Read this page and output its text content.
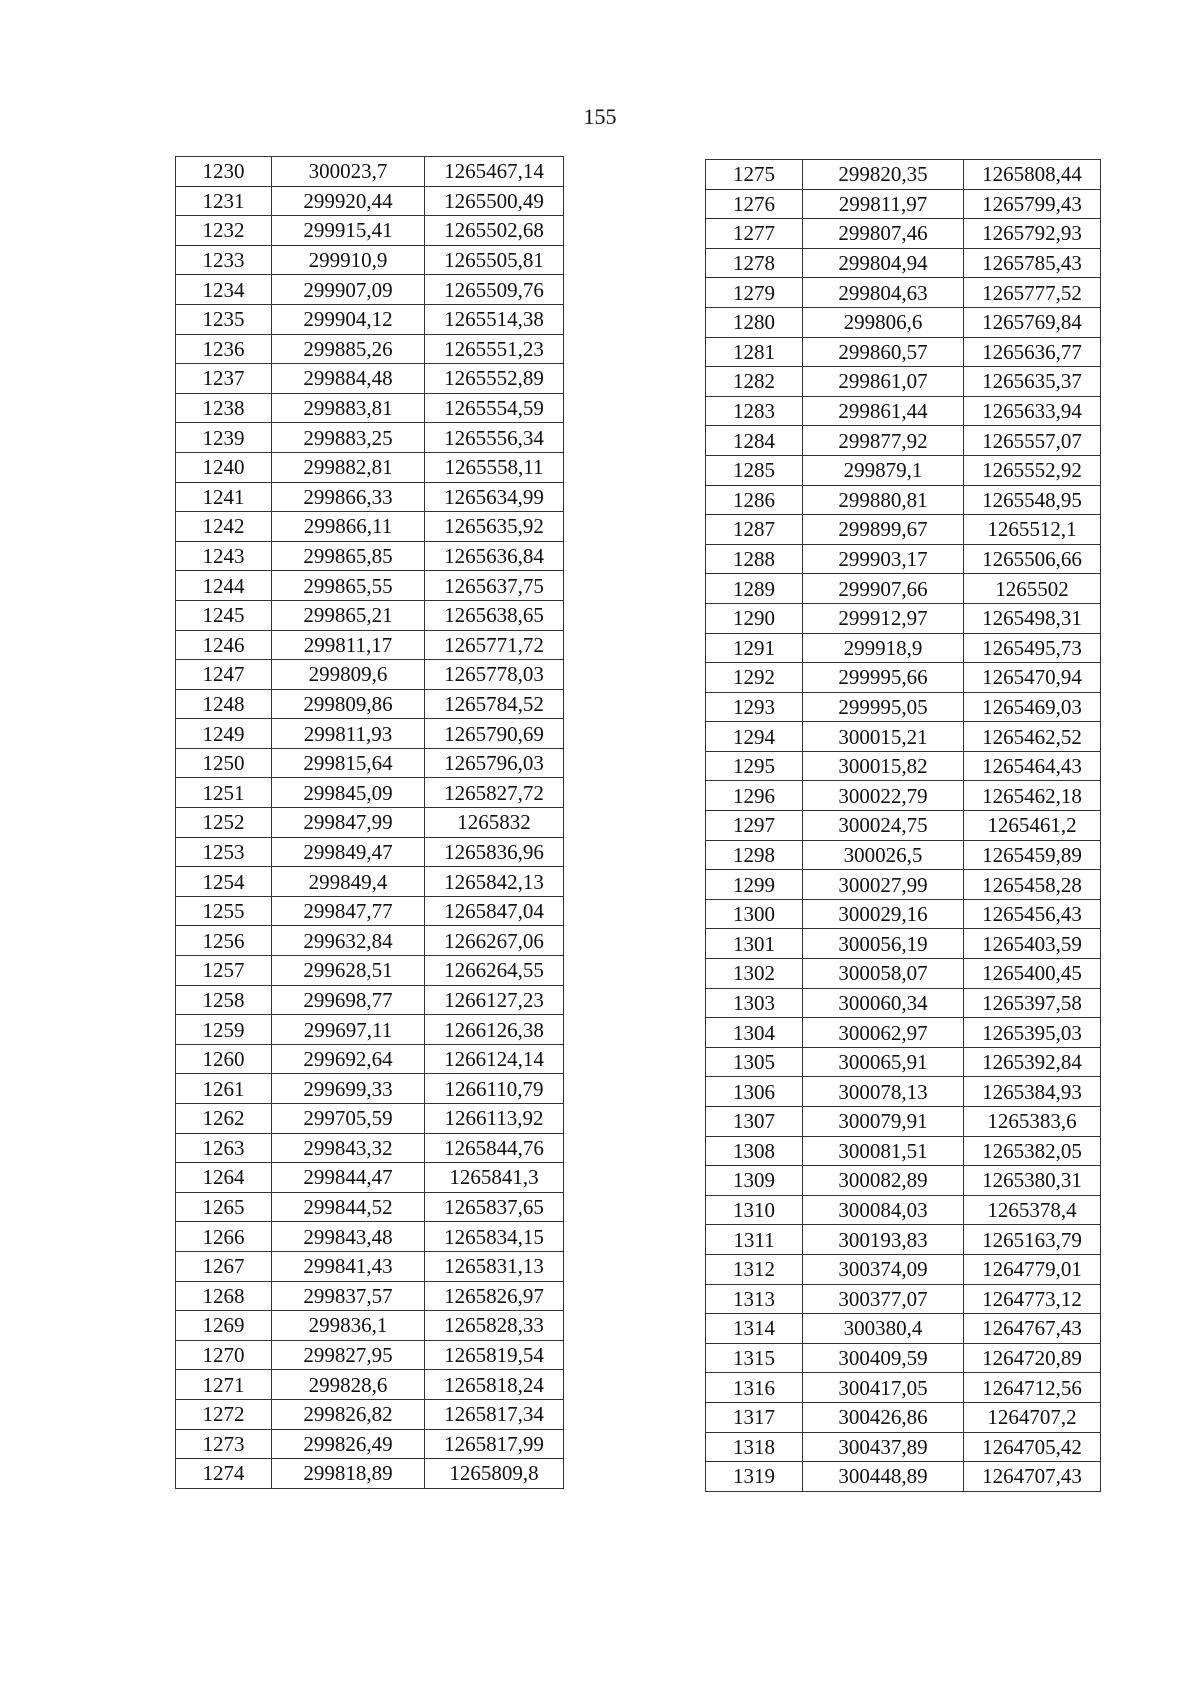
155
1230	300023,7	1265467,14
1231	299920,44	1265500,49
1232	299915,41	1265502,68
1233	299910,9	1265505,81
1234	299907,09	1265509,76
1235	299904,12	1265514,38
1236	299885,26	1265551,23
1237	299884,48	1265552,89
1238	299883,81	1265554,59
1239	299883,25	1265556,34
1240	299882,81	1265558,11
1241	299866,33	1265634,99
1242	299866,11	1265635,92
1243	299865,85	1265636,84
1244	299865,55	1265637,75
1245	299865,21	1265638,65
1246	299811,17	1265771,72
1247	299809,6	1265778,03
1248	299809,86	1265784,52
1249	299811,93	1265790,69
1250	299815,64	1265796,03
1251	299845,09	1265827,72
1252	299847,99	1265832
1253	299849,47	1265836,96
1254	299849,4	1265842,13
1255	299847,77	1265847,04
1256	299632,84	1266267,06
1257	299628,51	1266264,55
1258	299698,77	1266127,23
1259	299697,11	1266126,38
1260	299692,64	1266124,14
1261	299699,33	1266110,79
1262	299705,59	1266113,92
1263	299843,32	1265844,76
1264	299844,47	1265841,3
1265	299844,52	1265837,65
1266	299843,48	1265834,15
1267	299841,43	1265831,13
1268	299837,57	1265826,97
1269	299836,1	1265828,33
1270	299827,95	1265819,54
1271	299828,6	1265818,24
1272	299826,82	1265817,34
1273	299826,49	1265817,99
1274	299818,89	1265809,8
1275	299820,35	1265808,44
1276	299811,97	1265799,43
1277	299807,46	1265792,93
1278	299804,94	1265785,43
1279	299804,63	1265777,52
1280	299806,6	1265769,84
1281	299860,57	1265636,77
1282	299861,07	1265635,37
1283	299861,44	1265633,94
1284	299877,92	1265557,07
1285	299879,1	1265552,92
1286	299880,81	1265548,95
1287	299899,67	1265512,1
1288	299903,17	1265506,66
1289	299907,66	1265502
1290	299912,97	1265498,31
1291	299918,9	1265495,73
1292	299995,66	1265470,94
1293	299995,05	1265469,03
1294	300015,21	1265462,52
1295	300015,82	1265464,43
1296	300022,79	1265462,18
1297	300024,75	1265461,2
1298	300026,5	1265459,89
1299	300027,99	1265458,28
1300	300029,16	1265456,43
1301	300056,19	1265403,59
1302	300058,07	1265400,45
1303	300060,34	1265397,58
1304	300062,97	1265395,03
1305	300065,91	1265392,84
1306	300078,13	1265384,93
1307	300079,91	1265383,6
1308	300081,51	1265382,05
1309	300082,89	1265380,31
1310	300084,03	1265378,4
1311	300193,83	1265163,79
1312	300374,09	1264779,01
1313	300377,07	1264773,12
1314	300380,4	1264767,43
1315	300409,59	1264720,89
1316	300417,05	1264712,56
1317	300426,86	1264707,2
1318	300437,89	1264705,42
1319	300448,89	1264707,43
